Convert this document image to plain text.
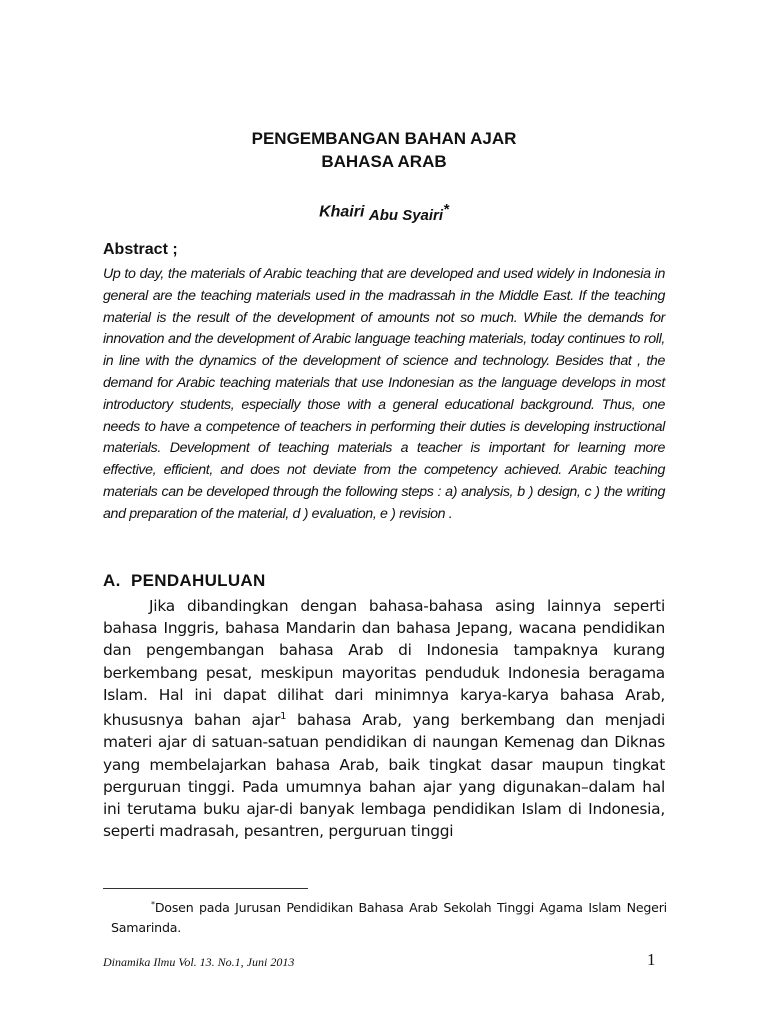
PENGEMBANGAN BAHAN AJAR
BAHASA ARAB
Khairi Abu Syairi*
Abstract ;
Up to day, the materials of Arabic teaching that are developed and used widely in Indonesia in general are the teaching materials used in the madrassah in the Middle East. If the teaching material is the result of the development of amounts not so much. While the demands for innovation and the development of Arabic language teaching materials, today continues to roll, in line with the dynamics of the development of science and technology. Besides that , the demand for Arabic teaching materials that use Indonesian as the language develops in most introductory students, especially those with a general educational background. Thus, one needs to have a competence of teachers in performing their duties is developing instructional materials. Development of teaching materials a teacher is important for learning more effective, efficient, and does not deviate from the competency achieved. Arabic teaching materials can be developed through the following steps : a) analysis, b ) design, c ) the writing and preparation of the material, d ) evaluation, e ) revision .
A. PENDAHULUAN

Jika dibandingkan dengan bahasa-bahasa asing lainnya seperti bahasa Inggris, bahasa Mandarin dan bahasa Jepang, wacana pendidikan dan pengembangan bahasa Arab di Indonesia tampaknya kurang berkembang pesat, meskipun mayoritas penduduk Indonesia beragama Islam. Hal ini dapat dilihat dari minimnya karya-karya bahasa Arab, khususnya bahan ajar$^1$ bahasa Arab, yang berkembang dan menjadi materi ajar di satuan-satuan pendidikan di naungan Kemenag dan Diknas yang membelajarkan bahasa Arab, baik tingkat dasar maupun tingkat perguruan tinggi. Pada umumnya bahan ajar yang digunakan–dalam hal ini terutama buku ajar-di banyak lembaga pendidikan Islam di Indonesia, seperti madrasah, pesantren, perguruan tinggi

*Dosen pada Jurusan Pendidikan Bahasa Arab Sekolah Tinggi Agama Islam Negeri Samarinda.

Dinamika Ilmu Vol. 13. No.1, Juni 2013	1
